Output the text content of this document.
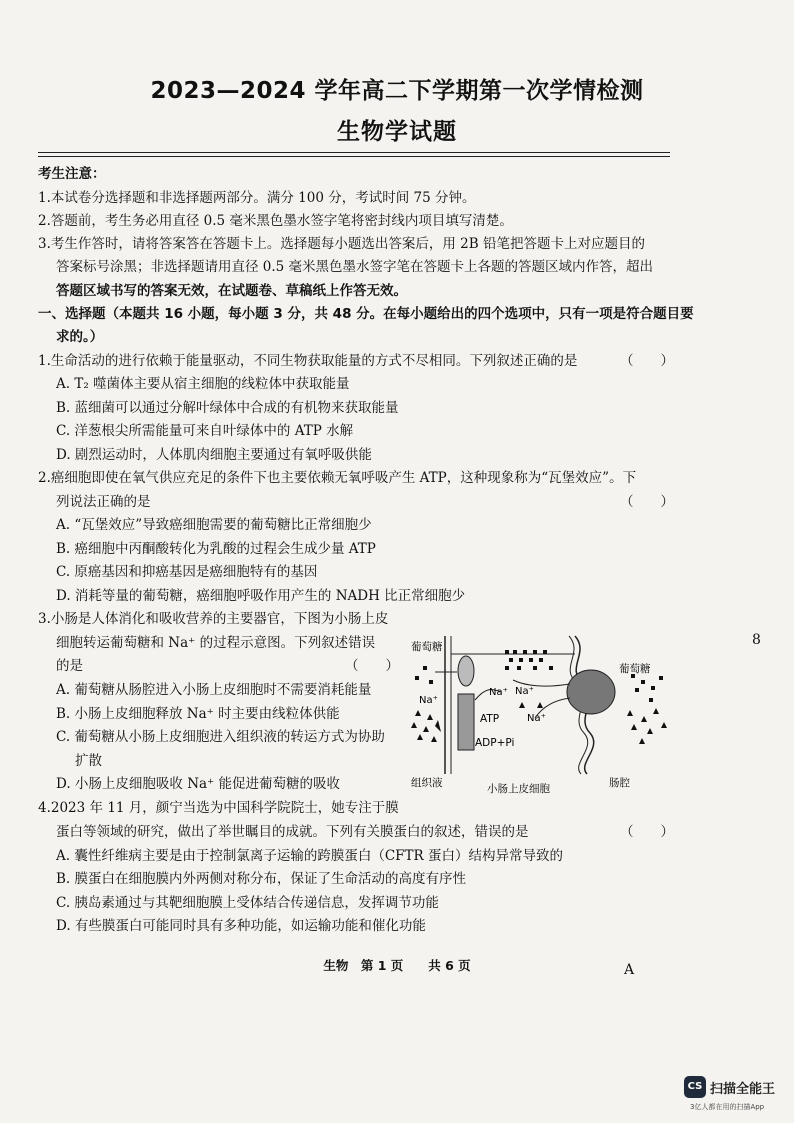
2023—2024 学年高二下学期第一次学情检测
生物学试题
考生注意：
1.本试卷分选择题和非选择题两部分。满分 100 分，考试时间 75 分钟。
2.答题前，考生务必用直径 0.5 毫米黑色墨水签字笔将密封线内项目填写清楚。
3.考生作答时，请将答案答在答题卡上。选择题每小题选出答案后，用 2B 铅笔把答题卡上对应题目的
答案标号涂黑；非选择题请用直径 0.5 毫米黑色墨水签字笔在答题卡上各题的答题区域内作答，超出
答题区域书写的答案无效，在试题卷、草稿纸上作答无效。
一、选择题（本题共 16 小题，每小题 3 分，共 48 分。在每小题给出的四个选项中，只有一项是符合题目要
求的。）
1.生命活动的进行依赖于能量驱动，不同生物获取能量的方式不尽相同。下列叙述正确的是	（　　）
A. T₂ 噬菌体主要从宿主细胞的线粒体中获取能量
B. 蓝细菌可以通过分解叶绿体中合成的有机物来获取能量
C. 洋葱根尖所需能量可来自叶绿体中的 ATP 水解
D. 剧烈运动时，人体肌肉细胞主要通过有氧呼吸供能
2.癌细胞即使在氧气供应充足的条件下也主要依赖无氧呼吸产生 ATP，这种现象称为“瓦堡效应”。下
列说法正确的是	（　　）
A. “瓦堡效应”导致癌细胞需要的葡萄糖比正常细胞少
B. 癌细胞中丙酮酸转化为乳酸的过程会生成少量 ATP
C. 原癌基因和抑癌基因是癌细胞特有的基因
D. 消耗等量的葡萄糖，癌细胞呼吸作用产生的 NADH 比正常细胞少
3.小肠是人体消化和吸收营养的主要器官，下图为小肠上皮
细胞转运葡萄糖和 Na⁺ 的过程示意图。下列叙述错误
的是	（　　）
A. 葡萄糖从肠腔进入小肠上皮细胞时不需要消耗能量
B. 小肠上皮细胞释放 Na⁺ 时主要由线粒体供能
C. 葡萄糖从小肠上皮细胞进入组织液的转运方式为协助
扩散
D. 小肠上皮细胞吸收 Na⁺ 能促进葡萄糖的吸收
葡萄糖
葡萄糖
Na⁺
Na⁺
Na⁺
Na⁺
ATP
ADP+Pi
组织液	小肠上皮细胞	肠腔
4.2023 年 11 月，颜宁当选为中国科学院院士，她专注于膜
蛋白等领域的研究，做出了举世瞩目的成就。下列有关膜蛋白的叙述，错误的是	（　　）
A. 囊性纤维病主要是由于控制氯离子运输的跨膜蛋白（CFTR 蛋白）结构异常导致的
B. 膜蛋白在细胞膜内外两侧对称分布，保证了生命活动的高度有序性
C. 胰岛素通过与其靶细胞膜上受体结合传递信息，发挥调节功能
D. 有些膜蛋白可能同时具有多种功能，如运输功能和催化功能
生物　第 1 页　　共 6 页	A
8
CS 扫描全能王
3亿人都在用的扫描App
